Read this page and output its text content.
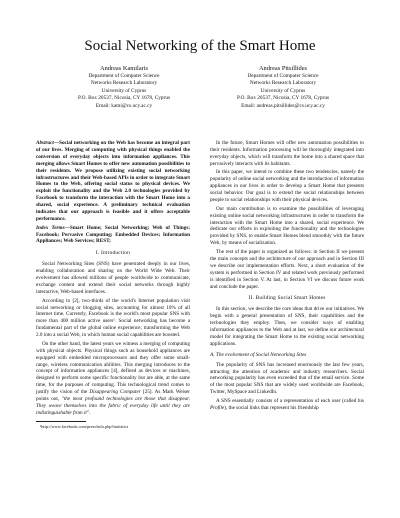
Social Networking of the Smart Home
Andreas Kamilaris
Department of Computer Science
Networks Research Laboratory
University of Cyprus
P.O. Box 20537, Nicosia, CY 1678, Cyprus
Email: kami@cs.ucy.ac.cy
Andreas Pitsillides
Department of Computer Science
Networks Research Laboratory
University of Cyprus
P.O. Box 20537, Nicosia, CY 1678, Cyprus
Email: andreas.pitsillides@cs.ucy.ac.cy

Abstract—Social networking on the Web has become an integral part of our lives. Merging of computing with physical things enabled the conversion of everyday objects into information appliances. This merging allows Smart Homes to offer new automation possibilities to their residents. We propose utilizing existing social networking infrastructures and their Web-based APIs in order to integrate Smart Homes to the Web, offering social status to physical devices. We exploit the functionality and the Web 2.0 technologies provided by Facebook to transform the interaction with the Smart Home into a shared, social experience. A preliminary technical evaluation indicates that our approach is feasible and it offers acceptable performance.

Index Terms—Smart Home; Social Networking; Web of Things; Facebook; Pervasive Computing; Embedded Devices; Information Appliances; Web Services; REST;

I. Introduction

Social Networking Sites (SNS) have penetrated deeply in our lives, enabling collaboration and sharing on the World Wide Web. Their evolvement has allowed millions of people worldwide to communicate, exchange content and extend their social networks through highly interactive, Web-based interfaces.

According to [2], two-thirds of the world's Internet population visit social networking or blogging sites, accounting for almost 10% of all Internet time. Currently, Facebook is the world's most popular SNS with more than 400 million active users¹. Social networking has become a fundamental part of the global online experience; transforming the Web 2.0 into a social Web, in which human social capabilities are boosted.

On the other hand, the latest years we witness a merging of computing with physical objects. Physical things such as household appliances are equipped with embedded microprocessors and they offer some small-range, wireless communication abilities. This merging introduces to the concept of information appliances [4], defined as devices or machines, designed to perform some specific functionality but are able, at the same time, for the purposes of computing. This technological trend comes to justify the vision of the Disappearing Computer [25]. As Mark Weiser points out, "the most profound technologies are those that disappear. They weave themselves into the fabric of everyday life until they are indistinguishable from it".

¹http://www.facebook.com/press/info.php?statistics

In the future, Smart Homes will offer new automation possibilities to their residents. Information processing will be thoroughly integrated into everyday objects, which will transform the home into a shared space that pervasively interacts with its habitants.

In this paper, we intend to combine these two tendencies, namely the popularity of online social networking and the introduction of information appliances in our lives in order to develop a Smart Home that presents social behavior. Our goal is to extend the social relationships between people to social relationships with their physical devices.

Our main contribution is to examine the possibilities of leveraging existing online social networking infrastructures in order to transform the interaction with the Smart Home into a shared, social experience. We dedicate our efforts in exploiting the functionality and the technologies provided by SNS, to enable Smart Homes blend smoothly with the future Web, by means of socialization.

The rest of the paper is organized as follows: in Section II we present the main concepts and the architecture of our approach and in Section III we describe our implementation efforts. Next, a short evaluation of the system is performed in Section IV and related work previously performed is identified in Section V. At last, in Section VI we discuss future work and conclude the paper.

II. Building Social Smart Homes

In this section, we describe the core ideas that drive our initiatives. We begin with a general presentation of SNS, their capabilities and the technologies they employ. Then, we consider ways of enabling information appliances to the Web and at last, we define our architectural model for integrating the Smart Home to the existing social networking applications.

A. The evolvement of Social Networking Sites

The popularity of SNS has increased enormously the last few years, attracting the attention of academic and industry researchers. Social networking popularity has even exceeded that of the email service. Some of the most popular SNS that are widely used worldwide are Facebook, Twitter, MySpace and LinkedIn.

A SNS essentially consists of a representation of each user (called his Profile), the social links that represent his friendship
